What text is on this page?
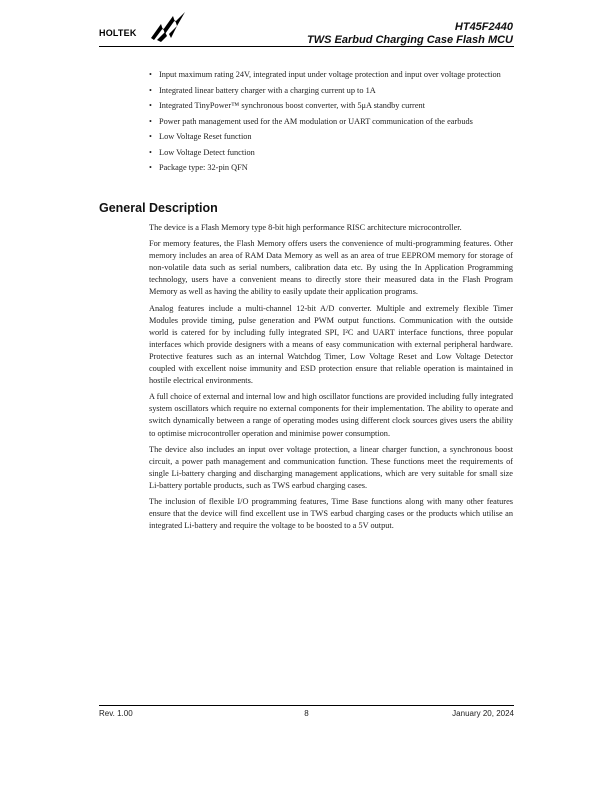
HOLTEK	HT45F2440
TWS Earbud Charging Case Flash MCU
• Input maximum rating 24V, integrated input under voltage protection and input over voltage protection
• Integrated linear battery charger with a charging current up to 1A
• Integrated TinyPower™ synchronous boost converter, with 5μA standby current
• Power path management used for the AM modulation or UART communication of the earbuds
• Low Voltage Reset function
• Low Voltage Detect function
• Package type: 32-pin QFN
General Description

The device is a Flash Memory type 8-bit high performance RISC architecture microcontroller.

For memory features, the Flash Memory offers users the convenience of multi-programming features. Other memory includes an area of RAM Data Memory as well as an area of true EEPROM memory for storage of non-volatile data such as serial numbers, calibration data etc. By using the In Application Programming technology, users have a convenient means to directly store their measured data in the Flash Program Memory as well as having the ability to easily update their application programs.

Analog features include a multi-channel 12-bit A/D converter. Multiple and extremely flexible Timer Modules provide timing, pulse generation and PWM output functions. Communication with the outside world is catered for by including fully integrated SPI, I²C and UART interface functions, three popular interfaces which provide designers with a means of easy communication with external peripheral hardware. Protective features such as an internal Watchdog Timer, Low Voltage Reset and Low Voltage Detector coupled with excellent noise immunity and ESD protection ensure that reliable operation is maintained in hostile electrical environments.

A full choice of external and internal low and high oscillator functions are provided including fully integrated system oscillators which require no external components for their implementation. The ability to operate and switch dynamically between a range of operating modes using different clock sources gives users the ability to optimise microcontroller operation and minimise power consumption.

The device also includes an input over voltage protection, a linear charger function, a synchronous boost circuit, a power path management and communication function. These functions meet the requirements of single Li-battery charging and discharging management applications, which are very suitable for small size Li-battery portable products, such as TWS earbud charging cases.

The inclusion of flexible I/O programming features, Time Base functions along with many other features ensure that the device will find excellent use in TWS earbud charging cases or the products which utilise an integrated Li-battery and require the voltage to be boosted to a 5V output.

Rev. 1.00	8	January 20, 2024
